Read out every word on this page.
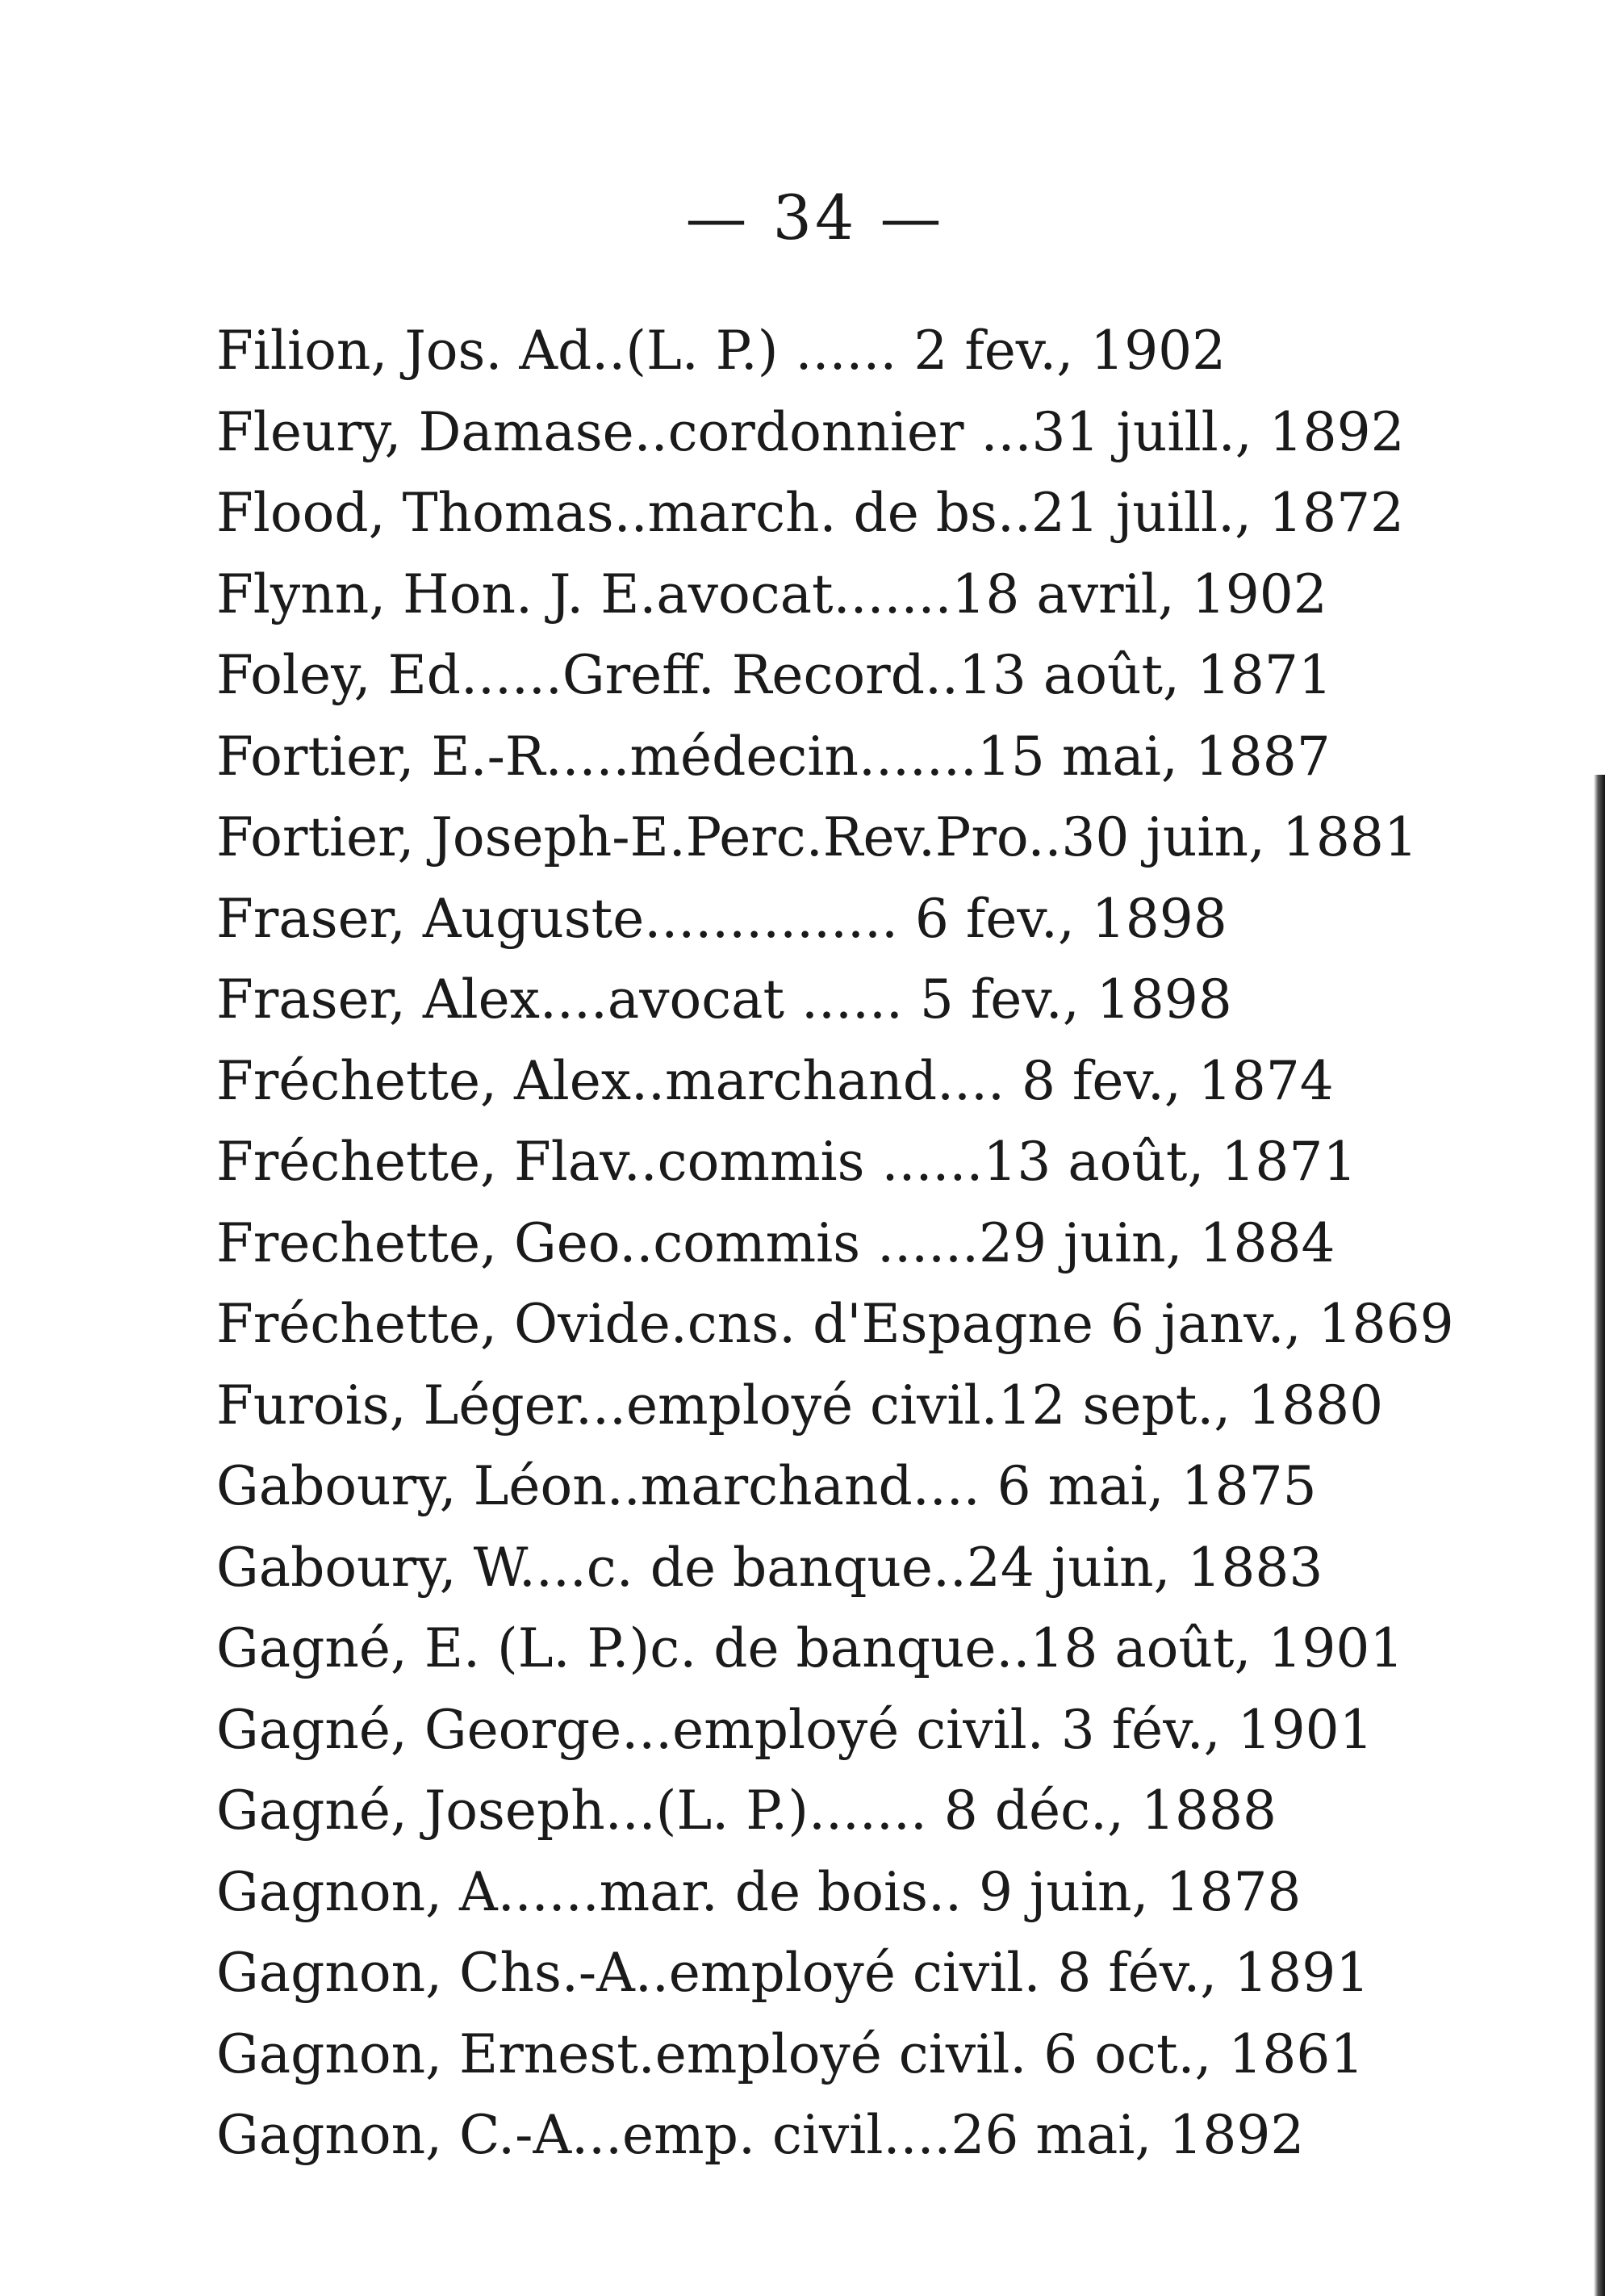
— 34 —
Filion, Jos. Ad..(L. P.) ...... 2 fev., 1902
Fleury, Damase..cordonnier ...31 juill., 1892
Flood, Thomas..march. de bs..21 juill., 1872
Flynn, Hon. J. E.avocat.......18 avril, 1902
Foley, Ed......Greff. Record..13 août, 1871
Fortier, E.-R.....médecin.......15 mai, 1887
Fortier, Joseph-E.Perc.Rev.Pro..30 juin, 1881
Fraser, Auguste............... 6 fev., 1898
Fraser, Alex....avocat ...... 5 fev., 1898
Fréchette, Alex..marchand.... 8 fev., 1874
Fréchette, Flav..commis ......13 août, 1871
Frechette, Geo..commis ......29 juin, 1884
Fréchette, Ovide.cns. d'Espagne 6 janv., 1869
Furois, Léger...employé civil.12 sept., 1880
Gaboury, Léon..marchand.... 6 mai, 1875
Gaboury, W....c. de banque..24 juin, 1883
Gagné, E. (L. P.)c. de banque..18 août, 1901
Gagné, George...employé civil. 3 fév., 1901
Gagné, Joseph...(L. P.)....... 8 déc., 1888
Gagnon, A......mar. de bois.. 9 juin, 1878
Gagnon, Chs.-A..employé civil. 8 fév., 1891
Gagnon, Ernest.employé civil. 6 oct., 1861
Gagnon, C.-A...emp. civil....26 mai, 1892
